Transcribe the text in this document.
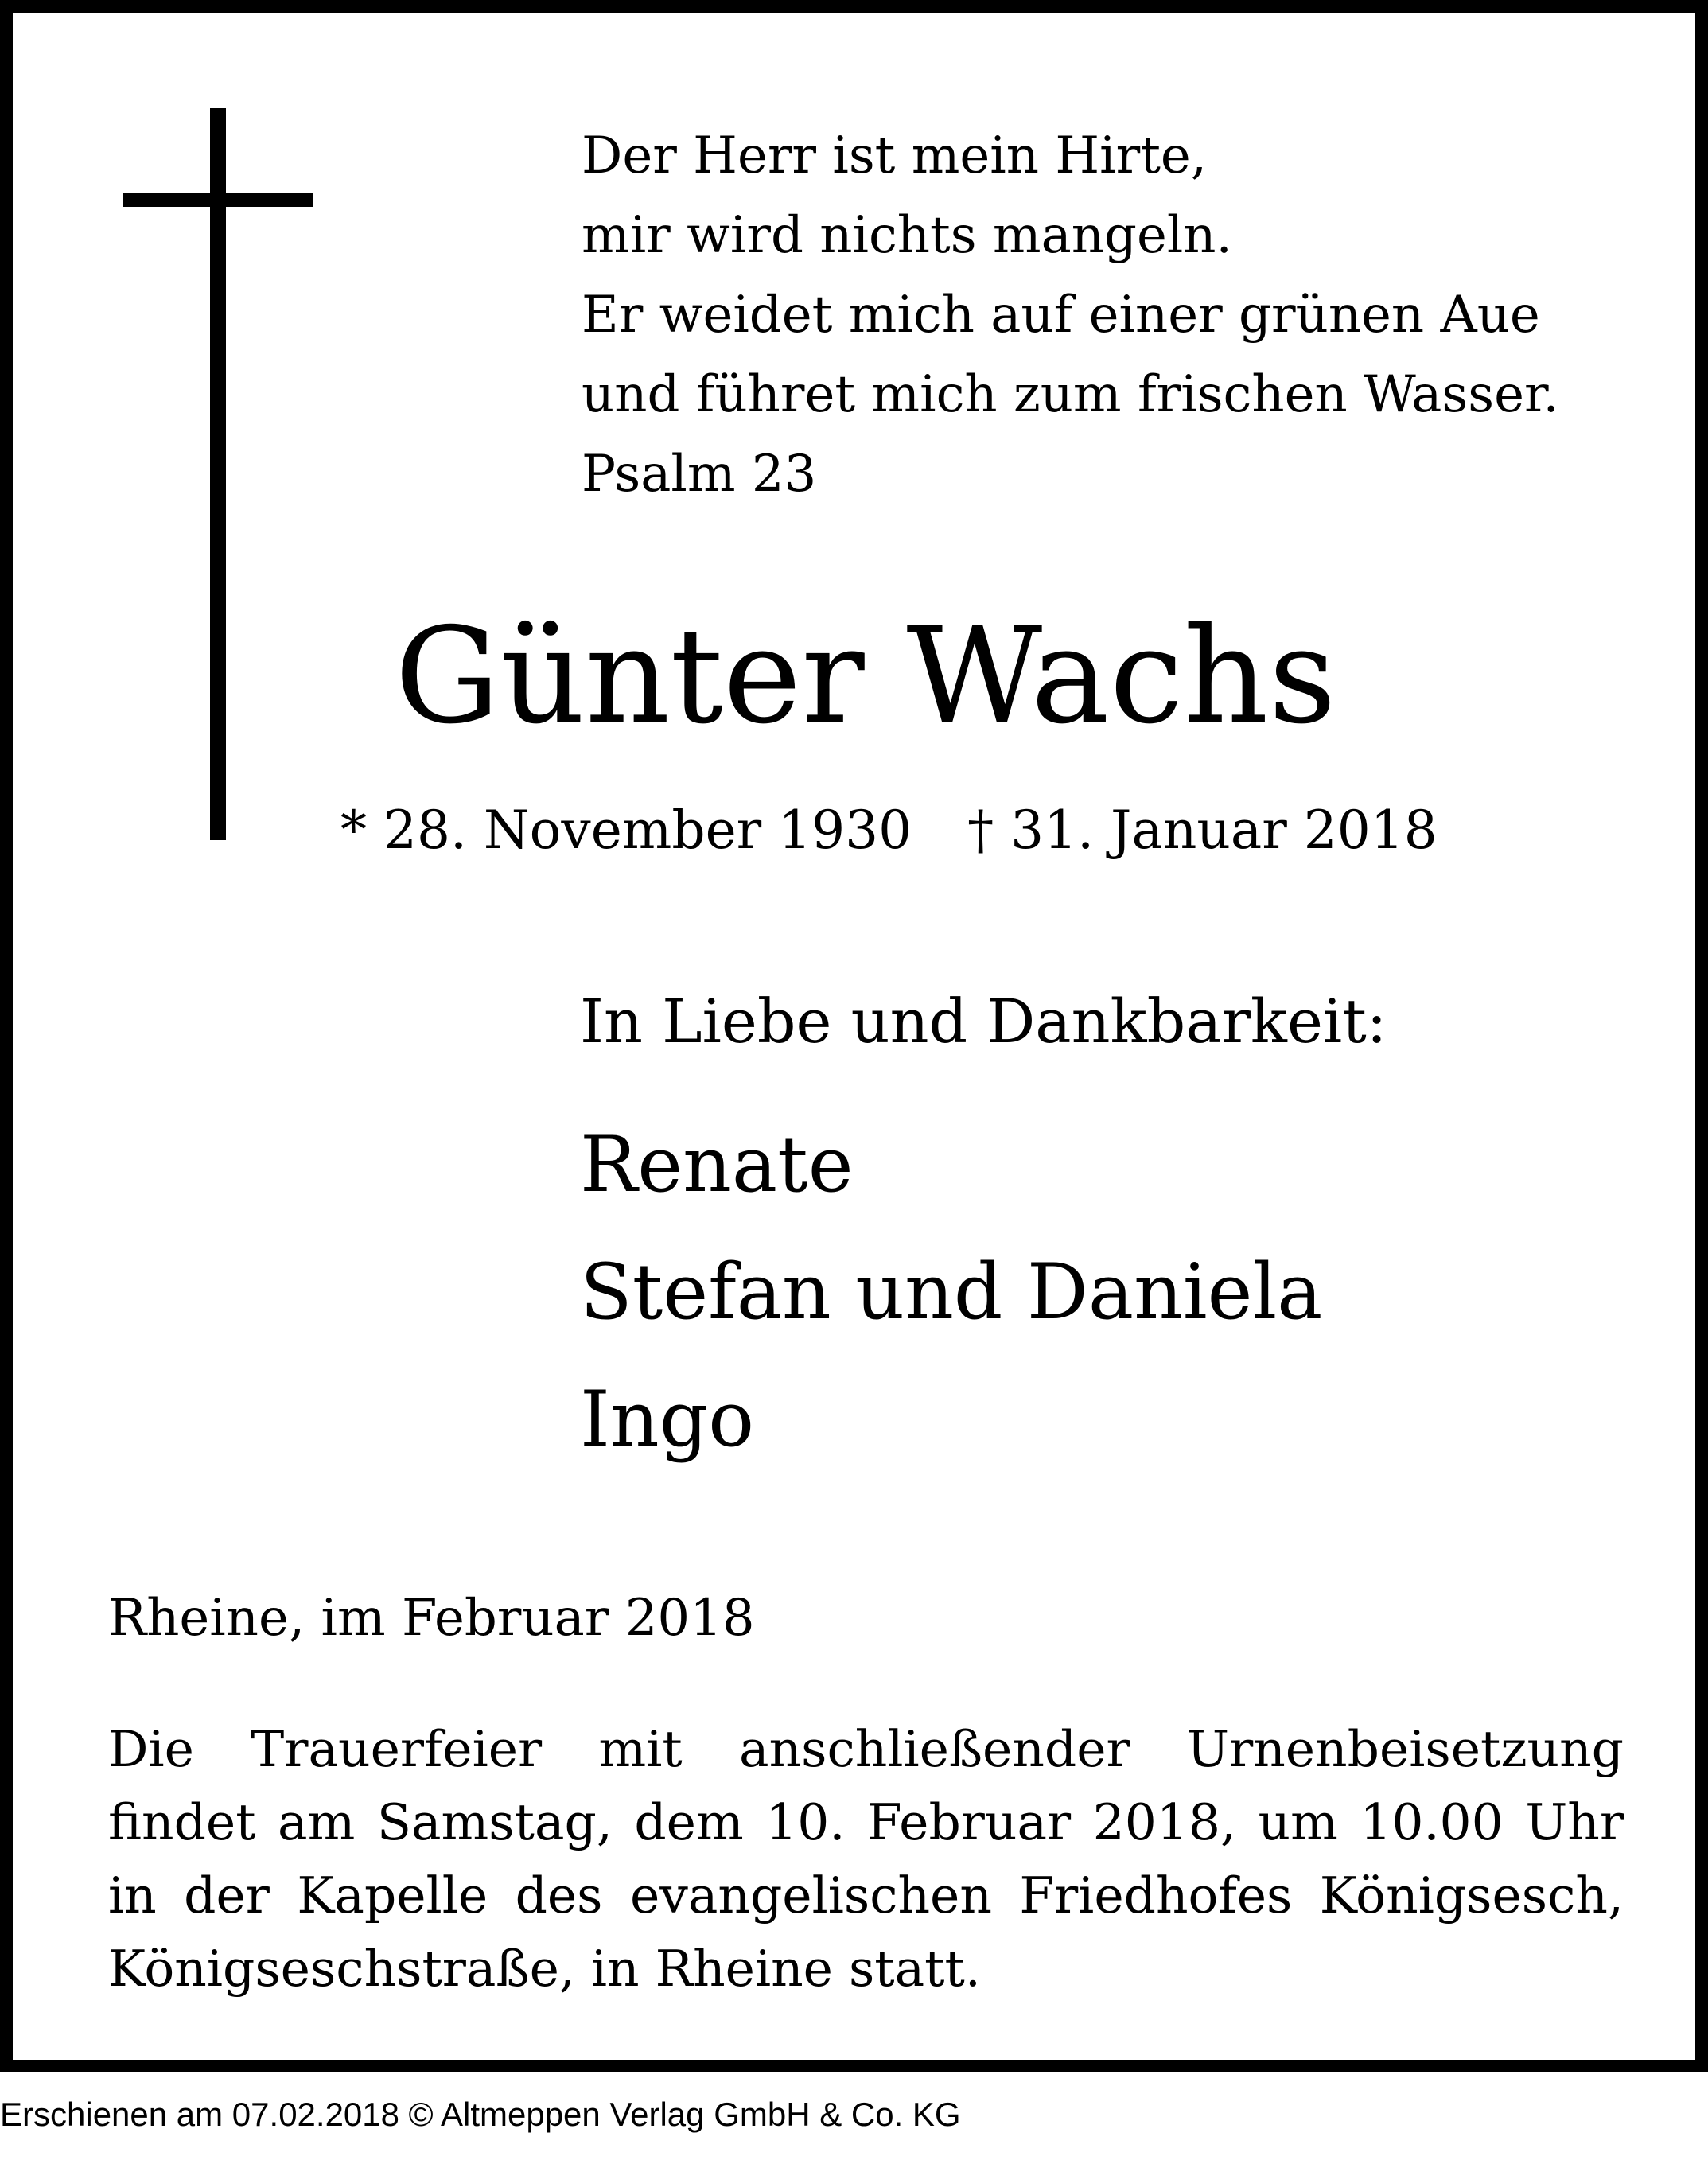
Der Herr ist mein Hirte,
mir wird nichts mangeln.
Er weidet mich auf einer grünen Aue
und führet mich zum frischen Wasser.
Psalm 23
Günter Wachs
* 28. November 1930 † 31. Januar 2018
In Liebe und Dankbarkeit:
Renate
Stefan und Daniela
Ingo
Rheine, im Februar 2018

Die Trauerfeier mit anschließender Urnenbeisetzung findet am Samstag, dem 10. Februar 2018, um 10.00 Uhr in der Kapelle des evangelischen Friedhofes Königsesch, Königseschstraße, in Rheine statt.

Erschienen am 07.02.2018 © Altmeppen Verlag GmbH & Co. KG
